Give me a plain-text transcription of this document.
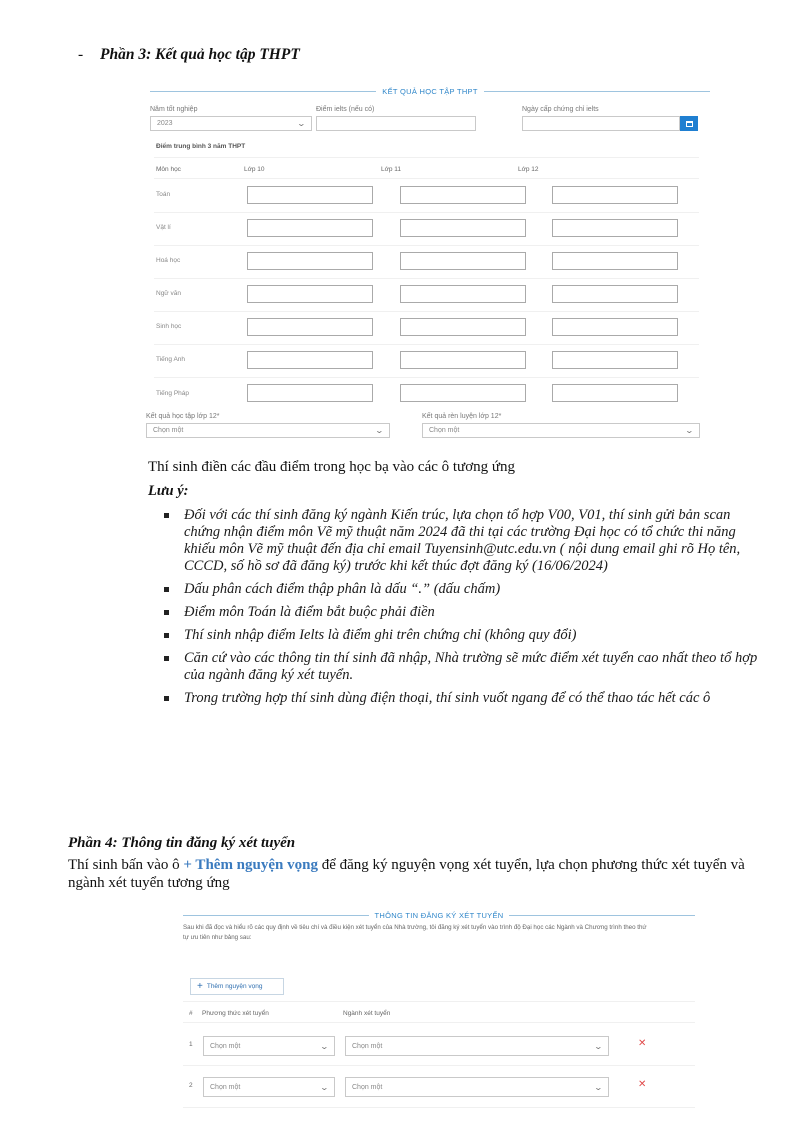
- Phần 3: Kết quả học tập THPT
KẾT QUẢ HỌC TẬP THPT
Năm tốt nghiệp
2023	⌄
Điểm ielts (nếu có)	Ngày cấp chứng chỉ ielts
Điểm trung bình 3 năm THPT
Môn học	Lớp 10	Lớp 11	Lớp 12
Toán
Vật lí
Hoá học
Ngữ văn
Sinh học
Tiếng Anh
Tiếng Pháp
Kết quả học tập lớp 12*
Chọn một	⌄
Kết quả rèn luyện lớp 12*
Chọn một	⌄
Thí sinh điền các đầu điểm trong học bạ vào các ô tương ứng
Lưu ý:
Đối với các thí sinh đăng ký ngành Kiến trúc, lựa chọn tổ hợp V00, V01, thí sinh gửi bản scan chứng nhận điểm môn Vẽ mỹ thuật năm 2024 đã thi tại các trường Đại học có tổ chức thi năng khiếu môn Vẽ mỹ thuật đến địa chỉ email Tuyensinh@utc.edu.vn ( nội dung email ghi rõ Họ tên, CCCD, số hồ sơ đã đăng ký) trước khi kết thúc đợt đăng ký (16/06/2024)
Dấu phân cách điểm thập phân là dấu “.” (dấu chấm)
Điểm môn Toán là điểm bắt buộc phải điền
Thí sinh nhập điểm Ielts là điểm ghi trên chứng chỉ (không quy đổi)
Căn cứ vào các thông tin thí sinh đã nhập, Nhà trường sẽ mức điểm xét tuyển cao nhất theo tổ hợp của ngành đăng ký xét tuyển.
Trong trường hợp thí sinh dùng điện thoại, thí sinh vuốt ngang để có thể thao tác hết các ô
Phần 4: Thông tin đăng ký xét tuyển
Thí sinh bấn vào ô + Thêm nguyện vọng để đăng ký nguyện vọng xét tuyển, lựa chọn phương thức xét tuyển và ngành xét tuyển tương ứng
THÔNG TIN ĐĂNG KÝ XÉT TUYỂN
Sau khi đã đọc và hiểu rõ các quy định về tiêu chí và điều kiện xét tuyển của Nhà trường, tôi đăng ký xét tuyển vào trình độ Đại học các Ngành và Chương trình theo thứ tự ưu tiên như bảng sau:
+ Thêm nguyện vọng
# Phương thức xét tuyển	Ngành xét tuyển
1 Chọn một	⌄	Chọn một	⌄	✕
2 Chọn một	⌄	Chọn một	⌄	✕
